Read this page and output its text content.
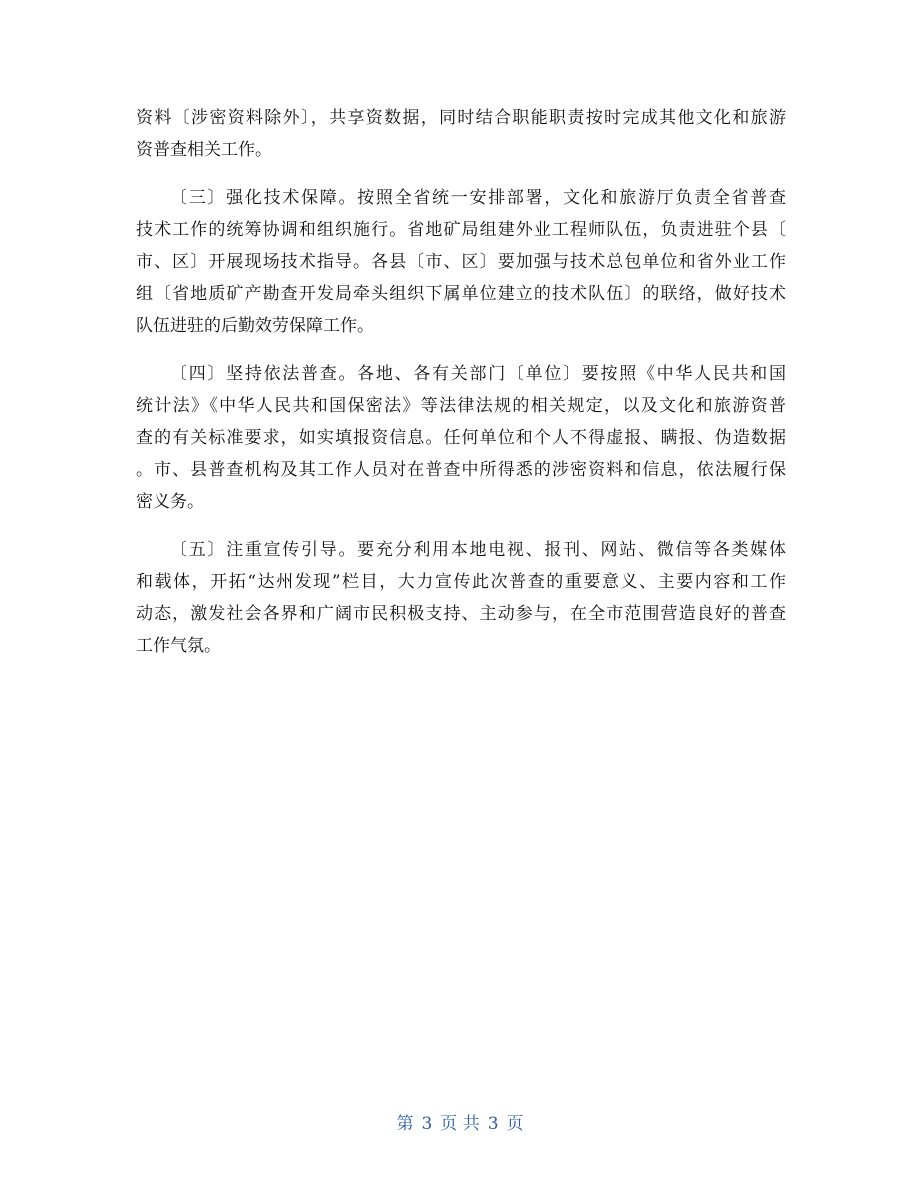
资料〔涉密资料除外〕，共享资数据，同时结合职能职责按时完成其他文化和旅游
资普查相关工作。
〔三〕强化技术保障。按照全省统一安排部署，文化和旅游厅负责全省普查
技术工作的统筹协调和组织施行。省地矿局组建外业工程师队伍，负责进驻个县〔
市、区〕开展现场技术指导。各县〔市、区〕要加强与技术总包单位和省外业工作
组〔省地质矿产勘查开发局牵头组织下属单位建立的技术队伍〕的联络，做好技术
队伍进驻的后勤效劳保障工作。
〔四〕坚持依法普查。各地、各有关部门〔单位〕要按照《中华人民共和国
统计法》《中华人民共和国保密法》等法律法规的相关规定，以及文化和旅游资普
查的有关标准要求，如实填报资信息。任何单位和个人不得虚报、瞒报、伪造数据
。市、县普查机构及其工作人员对在普查中所得悉的涉密资料和信息，依法履行保
密义务。
〔五〕注重宣传引导。要充分利用本地电视、报刊、网站、微信等各类媒体
和载体，开拓“达州发现”栏目，大力宣传此次普查的重要意义、主要内容和工作
动态，激发社会各界和广阔市民积极支持、主动参与，在全市范围营造良好的普查
工作气氛。
第 3 页 共 3 页
